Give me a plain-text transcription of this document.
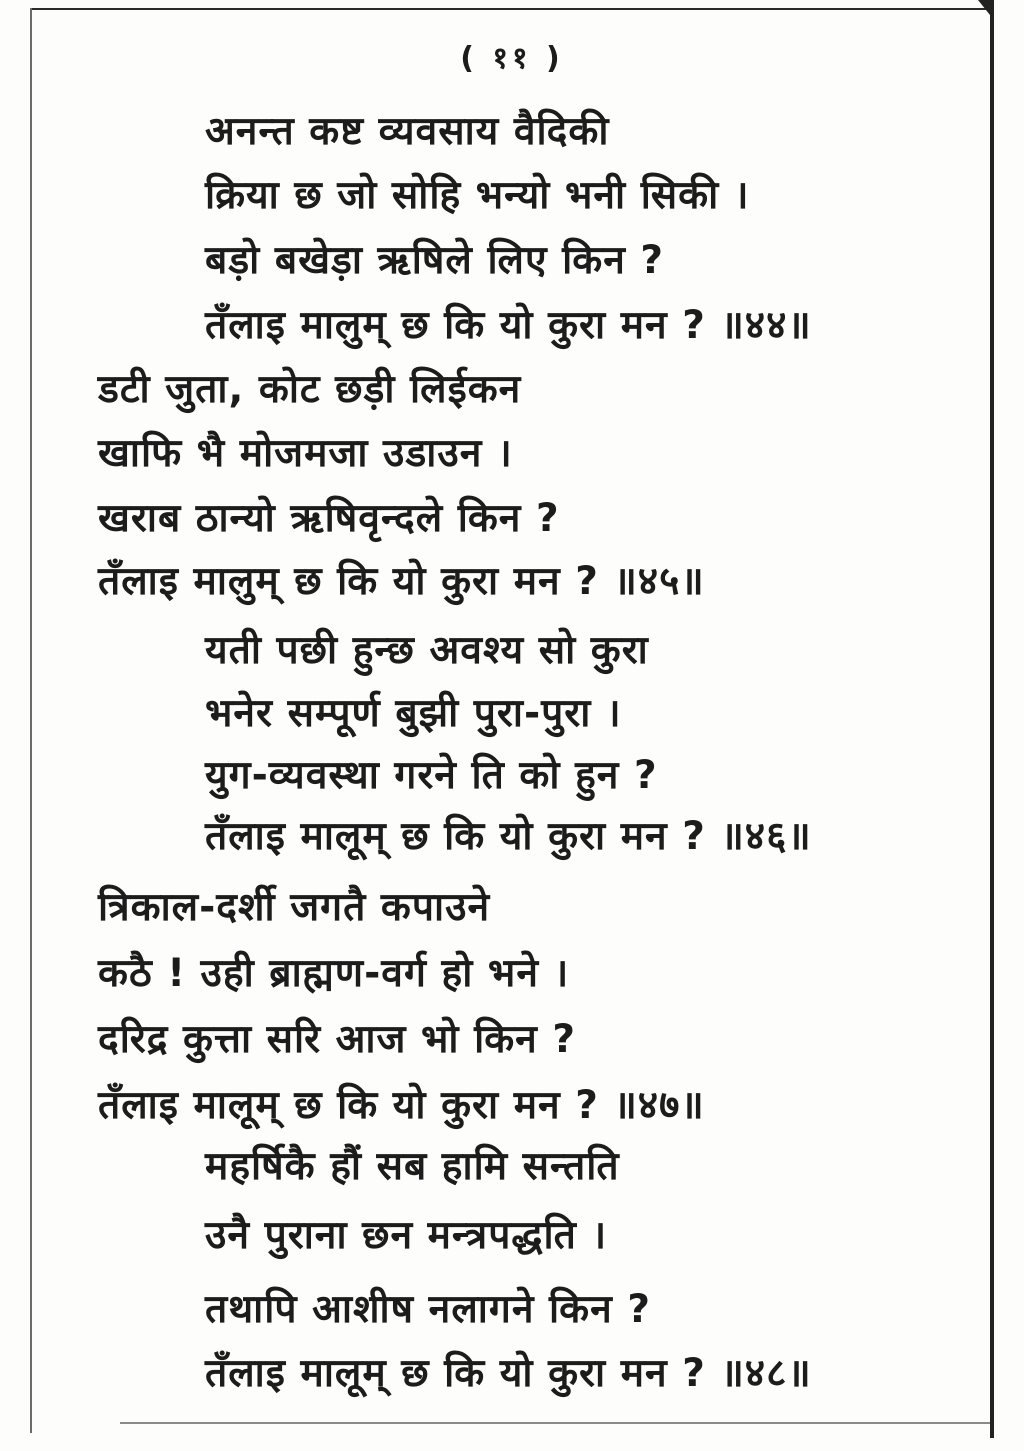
( ११ )
अनन्त कष्ट व्यवसाय वैदिकी
क्रिया छ जो सोहि भन्यो भनी सिकी ।
बड़ो बखेड़ा ऋषिले लिए किन ?
तँलाइ मालुम् छ कि यो कुरा मन ? ॥४४॥
डटी जुता, कोट छड़ी लिईकन
खाफि भै मोजमजा उडाउन ।
खराब ठान्यो ऋषिवृन्दले किन ?
तँलाइ मालुम् छ कि यो कुरा मन ? ॥४५॥
यती पछी हुन्छ अवश्य सो कुरा
भनेर सम्पूर्ण बुझी पुरा-पुरा ।
युग-व्यवस्था गरने ति को हुन ?
तँलाइ मालूम् छ कि यो कुरा मन ? ॥४६॥
त्रिकाल-दर्शी जगतै कपाउने
कठै ! उही ब्राह्मण-वर्ग हो भने ।
दरिद्र कुत्ता सरि आज भो किन ?
तँलाइ मालूम् छ कि यो कुरा मन ? ॥४७॥
महर्षिकै हौं सब हामि सन्तति
उनै पुराना छन मन्त्रपद्धति ।
तथापि आशीष नलागने किन ?
तँलाइ मालूम् छ कि यो कुरा मन ? ॥४८॥
